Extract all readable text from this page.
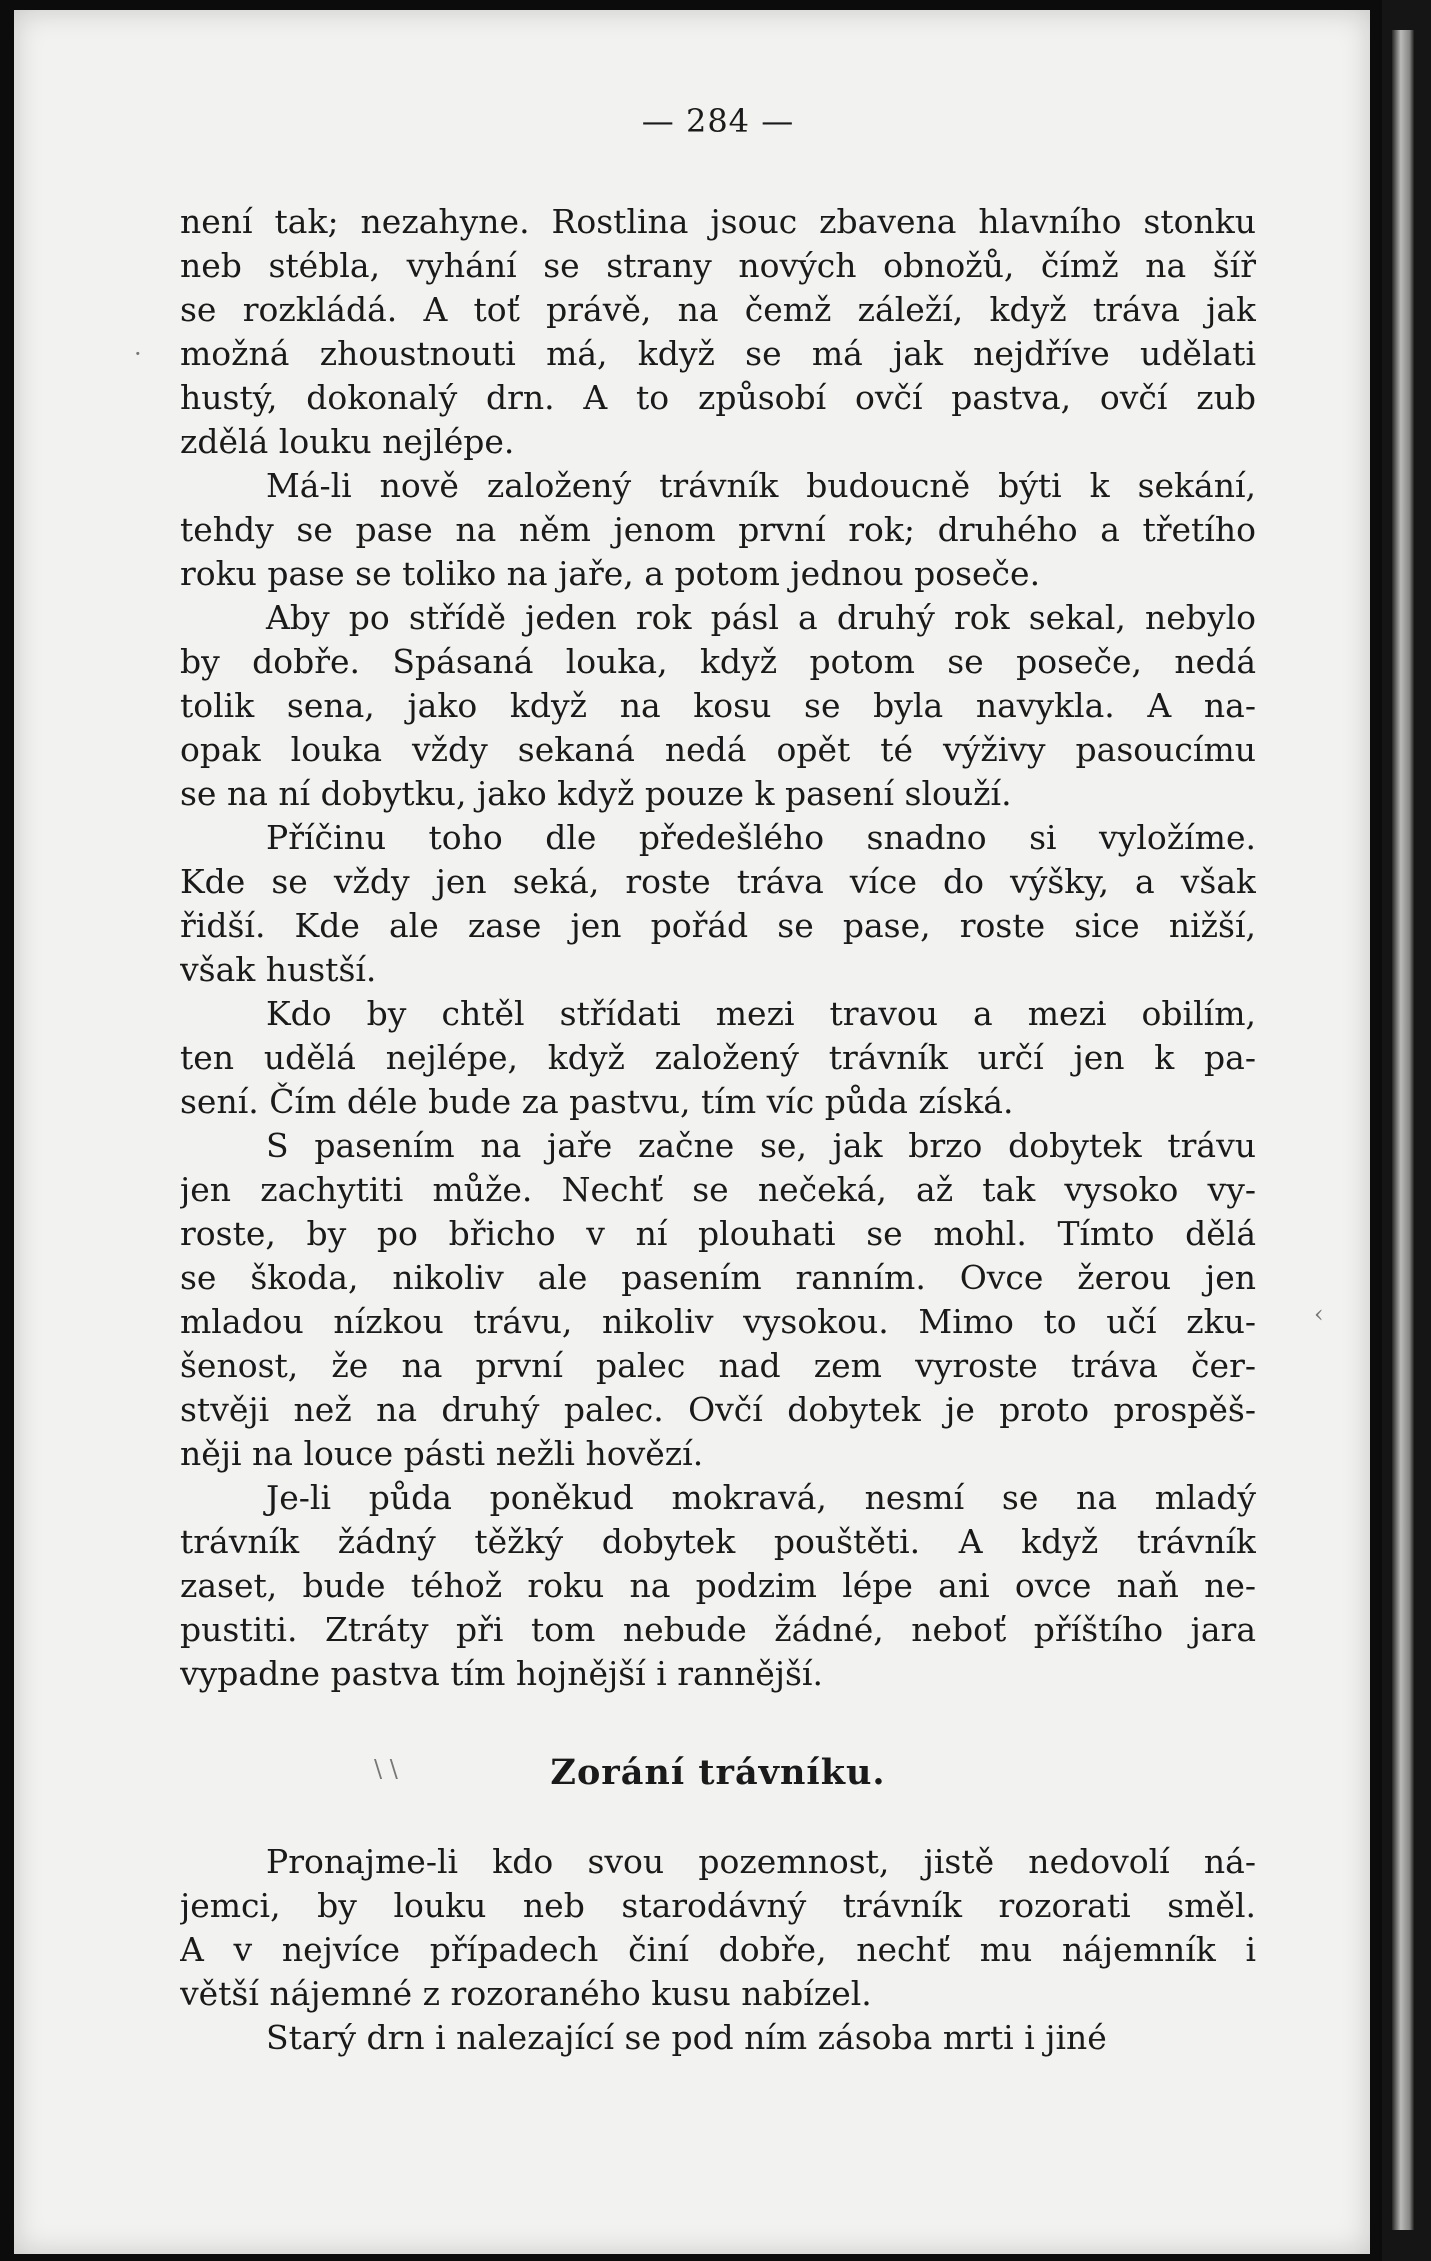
— 284 —
není tak; nezahyne. Rostlina jsouc zbavena hlavního stonku
neb stébla, vyhání se strany nových obnožů, čímž na šíř
se rozkládá. A toť právě, na čemž záleží, když tráva jak
možná zhoustnouti má, když se má jak nejdříve udělati
hustý, dokonalý drn. A to způsobí ovčí pastva, ovčí zub
zdělá louku nejlépe.
Má-li nově založený trávník budoucně býti k sekání,
tehdy se pase na něm jenom první rok; druhého a třetího
roku pase se toliko na jaře, a potom jednou poseče.
Aby po střídě jeden rok pásl a druhý rok sekal, nebylo
by dobře. Spásaná louka, když potom se poseče, nedá
tolik sena, jako když na kosu se byla navykla. A na-
opak louka vždy sekaná nedá opět té výživy pasoucímu
se na ní dobytku, jako když pouze k pasení slouží.
Příčinu toho dle předešlého snadno si vyložíme.
Kde se vždy jen seká, roste tráva více do výšky, a však
řidší. Kde ale zase jen pořád se pase, roste sice nižší,
však hustší.
Kdo by chtěl střídati mezi travou a mezi obilím,
ten udělá nejlépe, když založený trávník určí jen k pa-
sení. Čím déle bude za pastvu, tím víc půda získá.
S pasením na jaře začne se, jak brzo dobytek trávu
jen zachytiti může. Nechť se nečeká, až tak vysoko vy-
roste, by po břicho v ní plouhati se mohl. Tímto dělá
se škoda, nikoliv ale pasením ranním. Ovce žerou jen
mladou nízkou trávu, nikoliv vysokou. Mimo to učí zku-
šenost, že na první palec nad zem vyroste tráva čer-
stvěji než na druhý palec. Ovčí dobytek je proto prospěš-
něji na louce pásti nežli hovězí.
Je-li půda poněkud mokravá, nesmí se na mladý
trávník žádný těžký dobytek pouštěti. A když trávník
zaset, bude téhož roku na podzim lépe ani ovce naň ne-
pustiti. Ztráty při tom nebude žádné, neboť příštího jara
vypadne pastva tím hojnější i rannější.
Zorání trávníku.
Pronajme-li kdo svou pozemnost, jistě nedovolí ná-
jemci, by louku neb starodávný trávník rozorati směl.
A v nejvíce případech činí dobře, nechť mu nájemník i
větší nájemné z rozoraného kusu nabízel.
Starý drn i nalezající se pod ním zásoba mrti i jiné
·
‹
\ \
